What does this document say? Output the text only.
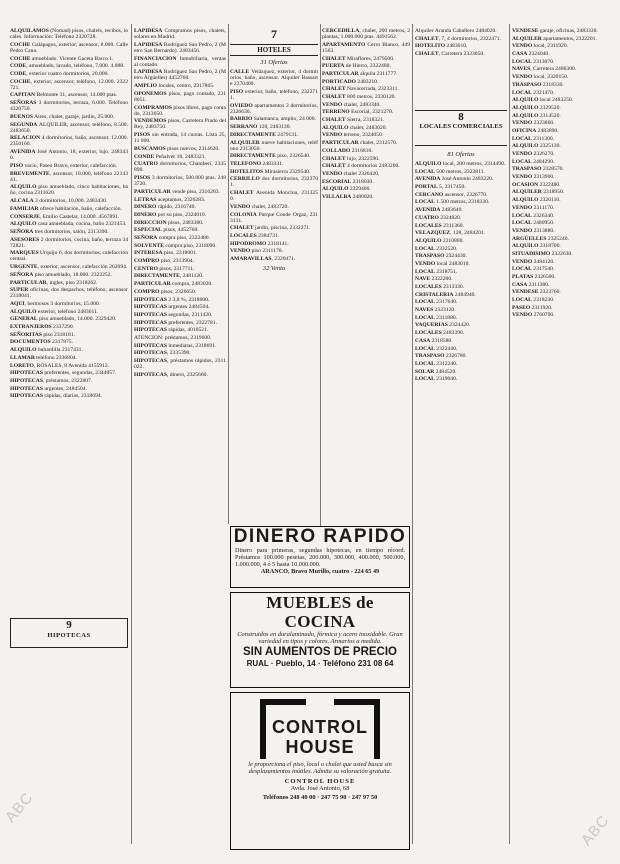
ALQUILAMOS (Nomad) pisos, chalets, recibos, locales. Información: Teléfono 2320728.

COCHE Galápagos, exterior, ascensor, 8.000. Calle Pedro Cano.

COCHE amueblado. Vicente Gaceta Barco 1.

CODE, amueblado, lavado, teléfono, 7.000. 4.888.

CODE, exterior cuatro dormitorios, 20.000.

COCHE, exterior, ascensor, teléfono, 12.000. 2322721.

CAPITAN Belmonte 31, ascensor, 14.000 ptas.

SEÑORAS 3 dormitorios, terraza, 6.000. Teléfono 4320750.

BUENOS Aires, chalet, garaje, jardín, 25.000.

SEGUNDA ALQUILER, ascensor, teléfono, 8.500. 2483650.

RELACION 4 dormitorios, baño, ascensor, 12.000. 2350160.

AVENIDA José Antonio, 18, exterior, lujo. 2483430.

PISO vacío, Paseo Bravo, exterior, calefacción.

BREVEMENTE, ascensor, 18.000, teléfono 2214341.

ALQUILO piso amueblado, cinco habitaciones, baño, cocina 2311620.

ALCALA 3 dormitorios, 10.000. 2483430.

FAMILIAR ofrece habitación, baño, calefacción.

CONSERJE, Emilio Castelar, 14.000. 4567891.

ALQUILO casa amueblada, cocina, baño 2321453.

SEÑORA tres dormitorios, salón, 2313390.

ASESORES 2 dormitorios, cocina, baño, terraza 3472821.

MARQUES Urquijo 6, dos dormitorios, calefacción central.

URGENTE, exterior, ascensor, calefacción 262094.

SEÑORA piso amueblado, 18.000. 2322252.

PARTICULAR, ingles, piso 2318262.

SUPER oficinas, dos despachos, teléfono, ascensor 2318041.

AQUI, hermosos 3 dormitorios, 15.000.

ALQUILO exterior, teléfono 2483611.

GENERAL piso amueblado, 14.000. 2329420.

EXTRANJEROS 2337290.

SEÑORITAS piso 2318181.

DOCUMENTOS 2317875.

ALQUILO buhardilla 2317431.

LLAMAR teléfono 2336804.

LORETO, ROSALES, 8 Avenida 4155912.

HIPOTECAS preferentes, segundas, 2344057.

HIPOTECAS, préstamos, 2322807.

HIPOTECAS urgentes, 2484504.

HIPOTECAS rápidas, diarias, 2318694.

LAPIDESA Compramos pisos, chalets, solares en Madrid.

LAPIDESA Rodríguez San Pedro, 2 (Metro San Bernardo). 2483456.

FINANCIACION Inmobiliaria, ventas al contado.

LAPIDESA Rodríguez San Pedro, 2 (Metro Argüelles) 4452760.

AMPLIO locales, centro, 2317865.

OPONEMOS pisos, pago contado, 2318051.

COMPRAMOS pisos libres, pago contado, 2313650.

VENDEMOS pisos, Carretera Prado del Rey, 2483750.

PISOS sin entrada, 14 cuotas. Lista 25, 11 000.

BUSCAMOS pisos nuevos, 2314620.

CONDE Peñalver 18, 2483321.

CUATRO dormitorios, Chamberí, 2335890.

PISOS 3 dormitorios, 500.000 ptas. 2483720.

PARTICULAR vende piso, 2316283.

LETRAS aceptamos, 2326283.

DINERO rápido, 2316740.

DINERO por su piso, 2324010.

DIRECCION pisos, 2483380.

ESPECIAL pisos, 4452760.

SEÑORA compra piso, 2322480.

SOLVENTE compra piso, 2318090.

INTERESA piso, 2318001.

COMPRO piso, 2313904.

CENTRO pisos, 2317711.

DIRECTAMENTE, 2481120.

PARTICULAR compra, 2483020.

COMPRO pisos, 2326650.

HIPOTECAS 2 3,8 %, 2318000.

HIPOTECAS urgentes 2484504.

HIPOTECAS segundas, 2311420.

HIPOTECAS preferentes, 2322781.

HIPOTECAS rápidas, 4018521.

ATENCION: préstamos, 2319600.

HIPOTECAS inmediatas, 2318691.

HIPOTECAS, 2335390.

HIPOTECAS, préstamos rápidos, 2311022.

HIPOTECAS, dinero, 2325660.

7
HOTELES
31 Ofertas

CALLE Velázquez, exterior, 4 dormitorios, baño, ascensor. Alquiler Bassarte 2370400.

PISO exterior, baño, teléfono, 2322711.

OVIEDO apartamentos 2 dormitorios, 2326630.

BARRIO Salamanca, amplio, 24 000.

SERRANO 128, 2483130.

DIRECTAMENTE 2479131.

ALQUILER nueve habitaciones, teléfono 2313050.

DIRECTAMENTE piso, 2326540.

TELEFONO 2483331.

HOTELITOS Mirasierra 2329540.

CERRILLO dos dormitorios, 2323701.

CHALET Avenida Moncloa, 2313250.

VENDO chalet, 2483720.

COLONIA Parque Conde Orgaz, 2313131.

CHALET jardín, piscina, 2332271.

LOCALES 2384731.

HIPODROMO 2318141.

VENDO piso 2311170.

AMARAVILLAS, 2320471.

32 Venta

CERCEDILLA, chalet, 200 metros, 2 plantas, 1.000.000 ptas. 4491562.

APARTAMENTO Cerro Blanco, 4491563.

CHALET Miraflores, 2479500.

PUERTA de Hierro, 2322480.

PARTICULAR alquila 2311777.

PORTICADO 2483210.

CHALET Navacerrada, 2323311.

CHALET 800 metros, 2330120.

VENDO chalet, 2483340.

TERRENO Escorial, 2321270.

CHALET Sierra, 2318321.

ALQUILO chalet, 2483020.

VENDO terreno, 2324050.

PARTICULAR chalet, 2312570.

COLLADO 2316810.

CHALET lujo, 2322590.

CHALET 4 dormitorios 2483200.

VENDO chalet 2326420.

ESCORIAL 2318030.

ALQUILO 2329400.

VILLALBA 2480020.

Alquiler Aranda Caballero 2484020.

CHALET, 7, 4 dormitorios, 2322471.

HOTELITO 2483010.

CHALET, Carretera 2323050.

81 Ofertas

ALQUILO local, 200 metros, 2314490.

LOCAL 500 metros, 2323811.

AVENIDA José Antonio 2483220.

PORTAL 5, 2317450.

CERCANO ascensor, 2326770.

LOCAL 1.500 metros, 2318330.

AVENIDA 2483640.

CUATRO 2324820.

LOCALES 2311360.

VELAZQUEZ, 128, 2484201.

ALQUILO 2310800.

LOCAL 2332520.

TRASPASO 2324430.

VENDO local 2483010.

LOCAL 2318751.

NAVE 2322200.

LOCALES 2313330.

CRISTALERIA 2484940.

LOCAL 2317640.

NAVES 2323120.

LOCAL 2311880.

VAQUERIAS 2324420.

LOCALES 2483390.

CASA 2318580.

LOCAL 2322440.

TRASPASO 2326780.

LOCAL 2312240.

SOLAR 2484520.

LOCAL 2319040.

8
LOCALES COMERCIALES

VENDESE garaje, oficinas, 2483330.

ALQUILER apartamentos, 2322201.

VENDO local, 2311920.

CASA 2324040.

LOCAL 2313070.

NAVES, Carretera 2486300.

VENDO local, 2320150.

TRASPASO 2318330.

LOCAL 2321470.

ALQUILO local 2483250.

ALQUILO 2329520.

ALQUILO 2314520.

VENDO 2323860.

OFICINA 2483890.

LOCAL 2311300.

ALQUILO 2325130.

VENDO 2326270.

LOCAL 2484290.

TRASPASO 2328570.

VENDO 2313900.

OCASION 2322480.

ALQUILER 2318950.

ALQUILO 2320110.

VENDO 2311170.

LOCAL 2326340.

LOCAL 2480950.

VENDO 2313880.

ARGÜELLES 2325240.

ALQUILO 2318700.

SITUADISIMO 2322630.

VENDO 2484120.

LOCAL 2317540.

PLATAS 2326500.

CASA 2311380.

VENDESE 2323760.

LOCAL 2318230.

PASEO 2311920.

VENDO 2760790.

9
HIPOTECAS
DINERO RAPIDO
Dinero para primeras, segundas hipotecas, en tiempo récord. Préstamos 100.000 pesetas, 200.000, 300.000, 400.000, 500.000, 1.000.000, 4 ó 5 hasta 10.000.000.
ARANCO, Bravo Murillo, cuatro - 224 65 49
MUEBLES de COCINA
Construidos en duralaminado, fórmica y acero inoxidable. Gran variedad en tipos y colores. Armarios a medida.
SIN AUMENTOS DE PRECIO
RUAL · Pueblo, 14 · Teléfono 231 08 64
CONTROL
HOUSE
le proporciona el piso, local o chalet que usted busca sin desplazamientos inútiles. Admita su valoración gratuita.
CONTROL HOUSE
Avda. José Antonio, 68
Teléfonos 248 40 00 · 247 75 90 · 247 97 50
ABC
ABC
